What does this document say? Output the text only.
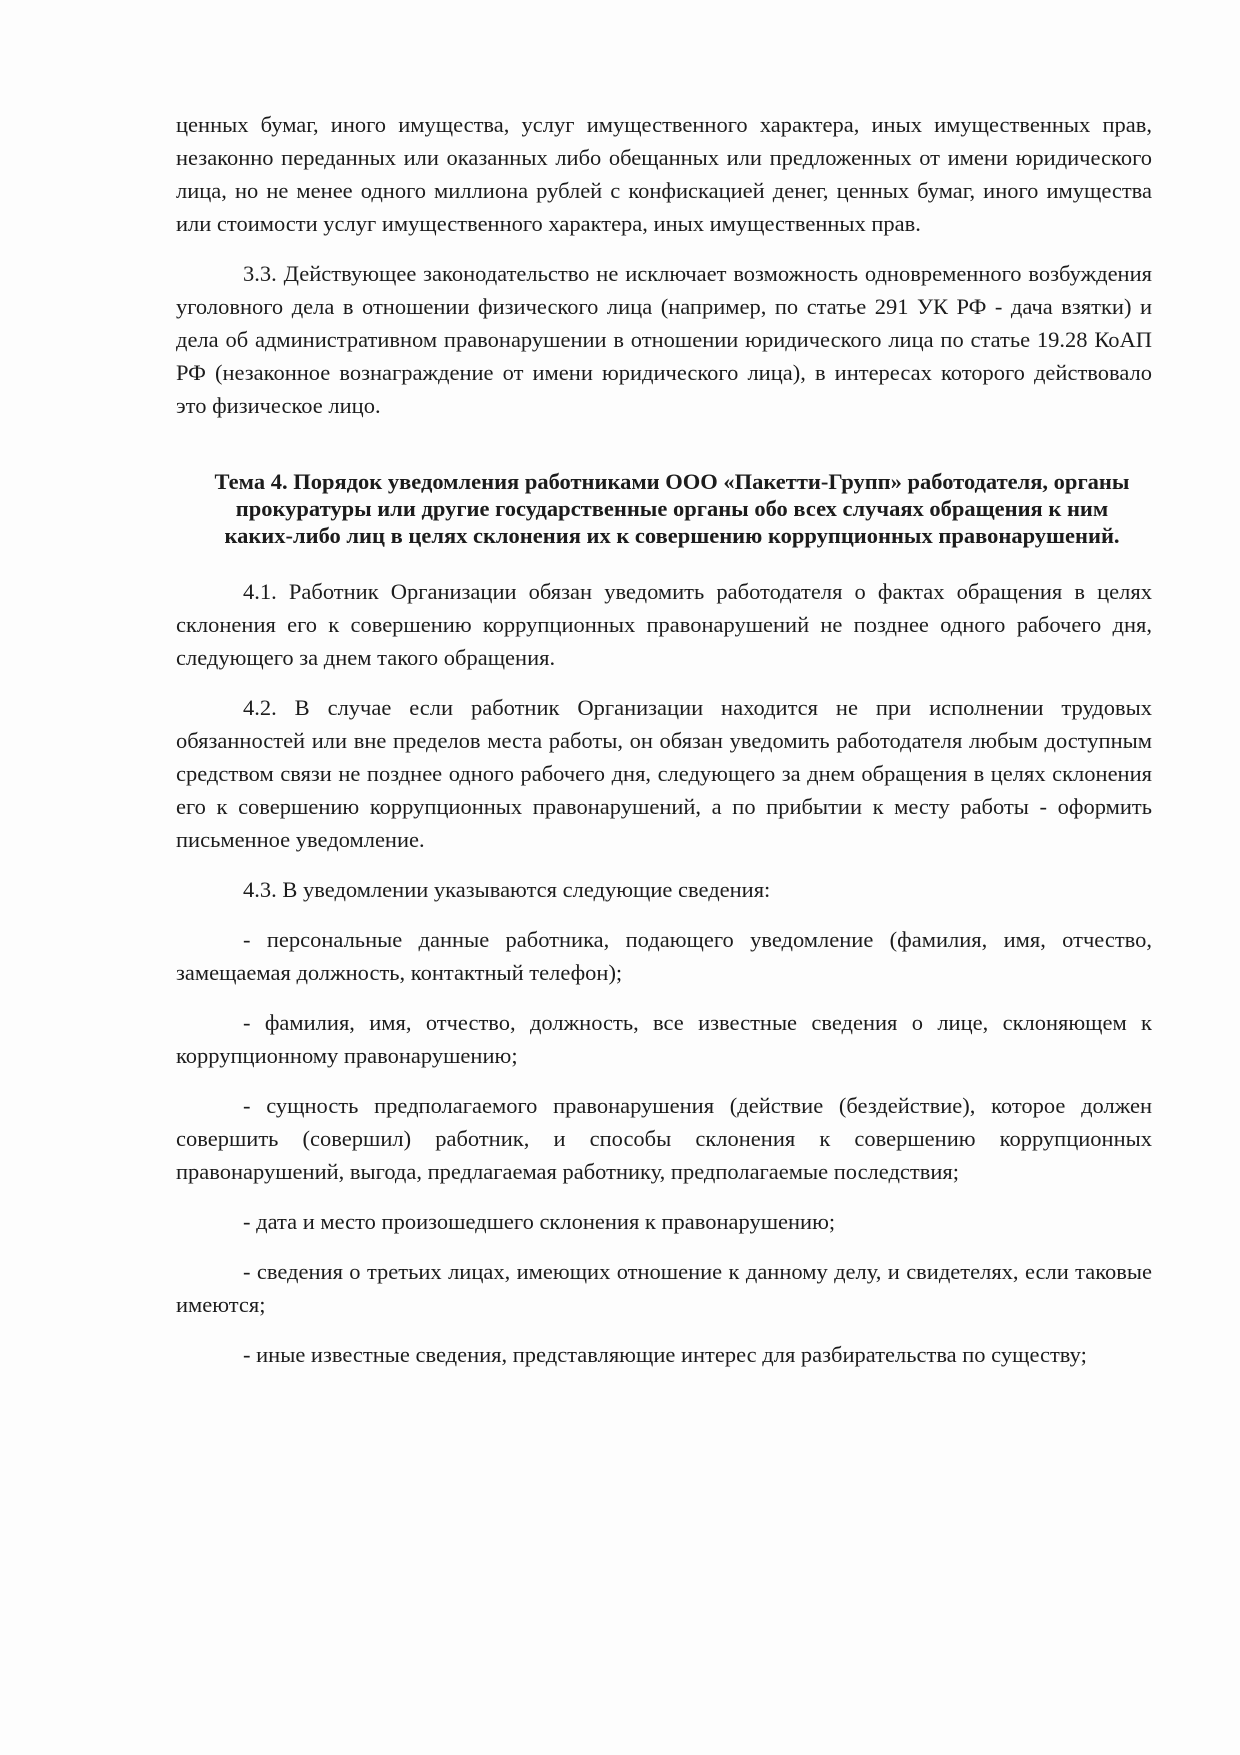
ценных бумаг, иного имущества, услуг имущественного характера, иных имущественных прав, незаконно переданных или оказанных либо обещанных или предложенных от имени юридического лица, но не менее одного миллиона рублей с конфискацией денег, ценных бумаг, иного имущества или стоимости услуг имущественного характера, иных имущественных прав.

3.3. Действующее законодательство не исключает возможность одновременного возбуждения уголовного дела в отношении физического лица (например, по статье 291 УК РФ - дача взятки) и дела об административном правонарушении в отношении юридического лица по статье 19.28 КоАП РФ (незаконное вознаграждение от имени юридического лица), в интересах которого действовало это физическое лицо.

Тема 4. Порядок уведомления работниками ООО «Пакетти-Групп» работодателя, органы прокуратуры или другие государственные органы обо всех случаях обращения к ним каких-либо лиц в целях склонения их к совершению коррупционных правонарушений.

4.1. Работник Организации обязан уведомить работодателя о фактах обращения в целях склонения его к совершению коррупционных правонарушений не позднее одного рабочего дня, следующего за днем такого обращения.

4.2. В случае если работник Организации находится не при исполнении трудовых обязанностей или вне пределов места работы, он обязан уведомить работодателя любым доступным средством связи не позднее одного рабочего дня, следующего за днем обращения в целях склонения его к совершению коррупционных правонарушений, а по прибытии к месту работы - оформить письменное уведомление.

4.3. В уведомлении указываются следующие сведения:

- персональные данные работника, подающего уведомление (фамилия, имя, отчество, замещаемая должность, контактный телефон);

- фамилия, имя, отчество, должность, все известные сведения о лице, склоняющем к коррупционному правонарушению;

- сущность предполагаемого правонарушения (действие (бездействие), которое должен совершить (совершил) работник, и способы склонения к совершению коррупционных правонарушений, выгода, предлагаемая работнику, предполагаемые последствия;

- дата и место произошедшего склонения к правонарушению;

- сведения о третьих лицах, имеющих отношение к данному делу, и свидетелях, если таковые имеются;

- иные известные сведения, представляющие интерес для разбирательства по существу;
